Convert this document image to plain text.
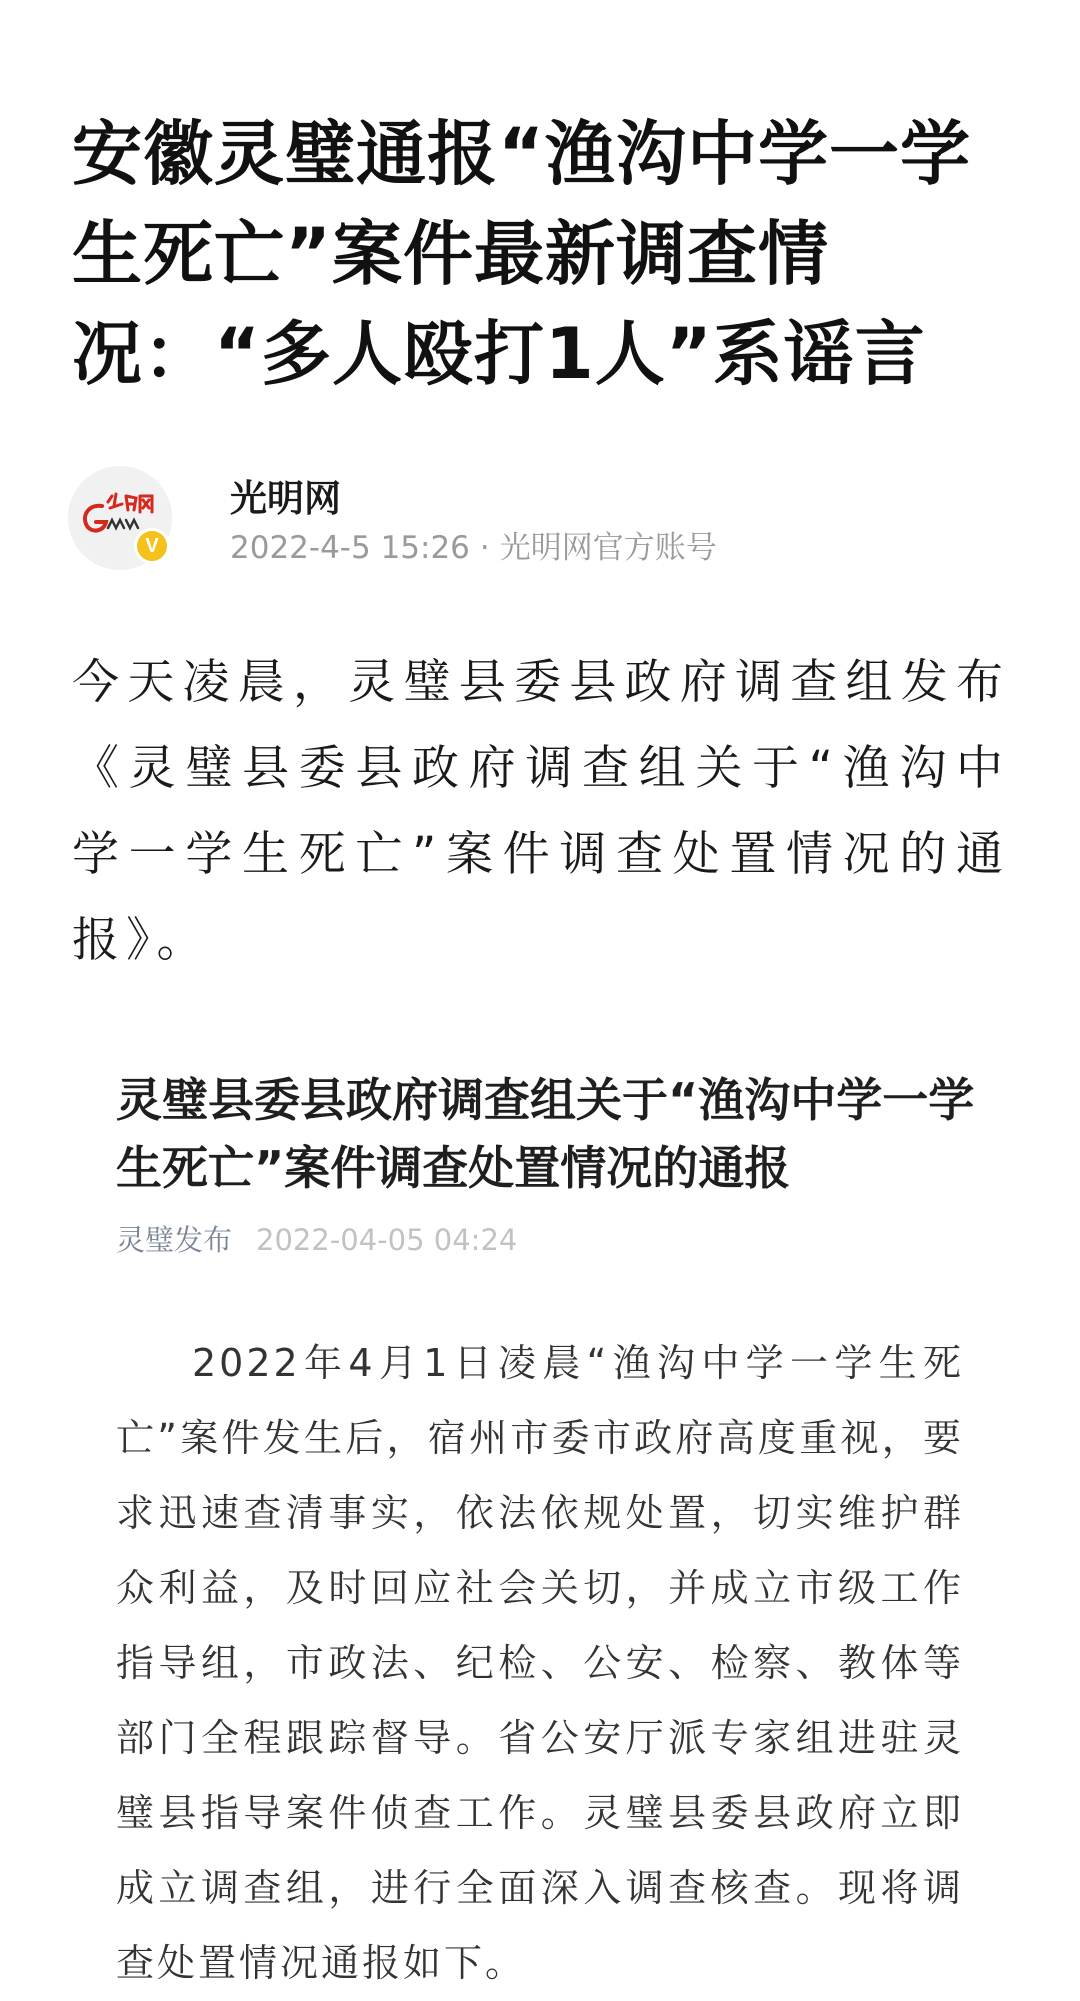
安徽灵璧通报“渔沟中学一学生死亡”案件最新调查情况：“多人殴打1人”系谣言
V
光明网
2022-4-5 15:26 · 光明网官方账号

今天凌晨，灵璧县委县政府调查组发布《灵璧县委县政府调查组关于“渔沟中学一学生死亡”案件调查处置情况的通报》。

灵璧县委县政府调查组关于“渔沟中学一学生死亡”案件调查处置情况的通报
灵璧发布 2022-04-05 04:24

2022年4月1日凌晨“渔沟中学一学生死亡”案件发生后，宿州市委市政府高度重视，要求迅速查清事实，依法依规处置，切实维护群众利益，及时回应社会关切，并成立市级工作指导组，市政法、纪检、公安、检察、教体等部门全程跟踪督导。省公安厅派专家组进驻灵璧县指导案件侦查工作。灵璧县委县政府立即成立调查组，进行全面深入调查核查。现将调查处置情况通报如下。
